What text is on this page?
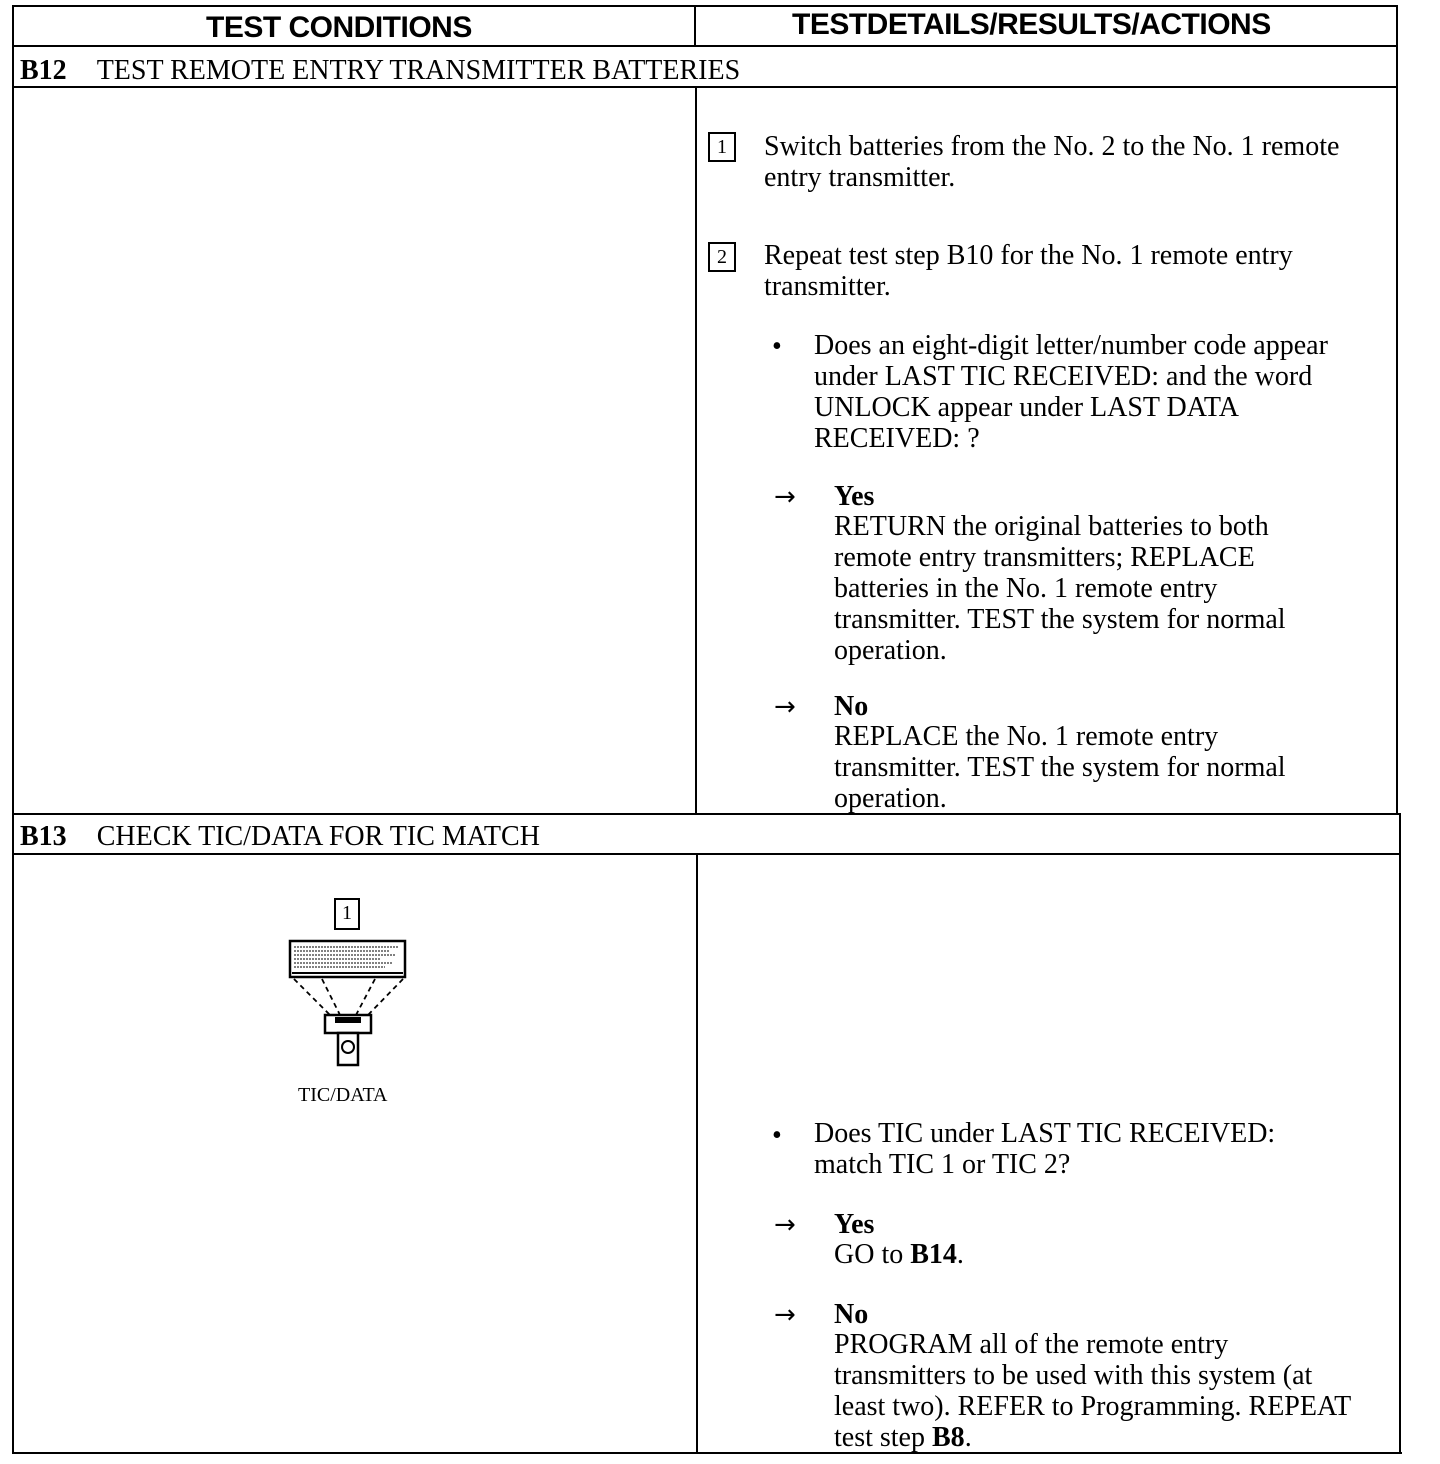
TEST CONDITIONS	TESTDETAILS/RESULTS/ACTIONS
B12 TEST REMOTE ENTRY TRANSMITTER BATTERIES
1	Switch batteries from the No. 2 to the No. 1 remote entry transmitter.
2	Repeat test step B10 for the No. 1 remote entry transmitter.
• Does an eight-digit letter/number code appear under LAST TIC RECEIVED: and the word UNLOCK appear under LAST DATA RECEIVED: ?
→ Yes
RETURN the original batteries to both remote entry transmitters; REPLACE batteries in the No. 1 remote entry transmitter. TEST the system for normal operation.
→ No
REPLACE the No. 1 remote entry transmitter. TEST the system for normal operation.
B13 CHECK TIC/DATA FOR TIC MATCH
1
TIC/DATA
• Does TIC under LAST TIC RECEIVED: match TIC 1 or TIC 2?
→ Yes
GO to B14.
→ No
PROGRAM all of the remote entry transmitters to be used with this system (at least two). REFER to Programming. REPEAT test step B8.
